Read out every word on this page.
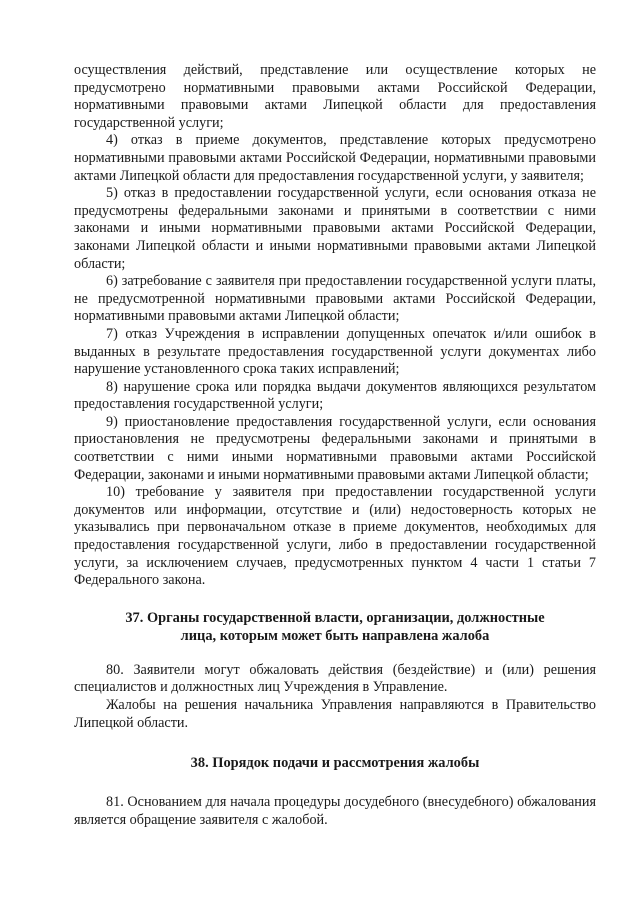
осуществления действий, представление или осуществление которых не предусмотрено нормативными правовыми актами Российской Федерации, нормативными правовыми актами Липецкой области для предоставления государственной услуги;

4) отказ в приеме документов, представление которых предусмотрено нормативными правовыми актами Российской Федерации, нормативными правовыми актами Липецкой области для предоставления государственной услуги, у заявителя;

5) отказ в предоставлении государственной услуги, если основания отказа не предусмотрены федеральными законами и принятыми в соответствии с ними законами и иными нормативными правовыми актами Российской Федерации, законами Липецкой области и иными нормативными правовыми актами Липецкой области;

6) затребование с заявителя при предоставлении государственной услуги платы, не предусмотренной нормативными правовыми актами Российской Федерации, нормативными правовыми актами Липецкой области;

7) отказ Учреждения в исправлении допущенных опечаток и/или ошибок в выданных в результате предоставления государственной услуги документах либо нарушение установленного срока таких исправлений;

8) нарушение срока или порядка выдачи документов являющихся результатом предоставления государственной услуги;

9) приостановление предоставления государственной услуги, если основания приостановления не предусмотрены федеральными законами и принятыми в соответствии с ними иными нормативными правовыми актами Российской Федерации, законами и иными нормативными правовыми актами Липецкой области;

10) требование у заявителя при предоставлении государственной услуги документов или информации, отсутствие и (или) недостоверность которых не указывались при первоначальном отказе в приеме документов, необходимых для предоставления государственной услуги, либо в предоставлении государственной услуги, за исключением случаев, предусмотренных пунктом 4 части 1 статьи 7 Федерального закона.

37. Органы государственной власти, организации, должностные
лица, которым может быть направлена жалоба

80. Заявители могут обжаловать действия (бездействие) и (или) решения специалистов и должностных лиц Учреждения в Управление.

Жалобы на решения начальника Управления направляются в Правительство Липецкой области.

38. Порядок подачи и рассмотрения жалобы

81. Основанием для начала процедуры досудебного (внесудебного) обжалования является обращение заявителя с жалобой.
